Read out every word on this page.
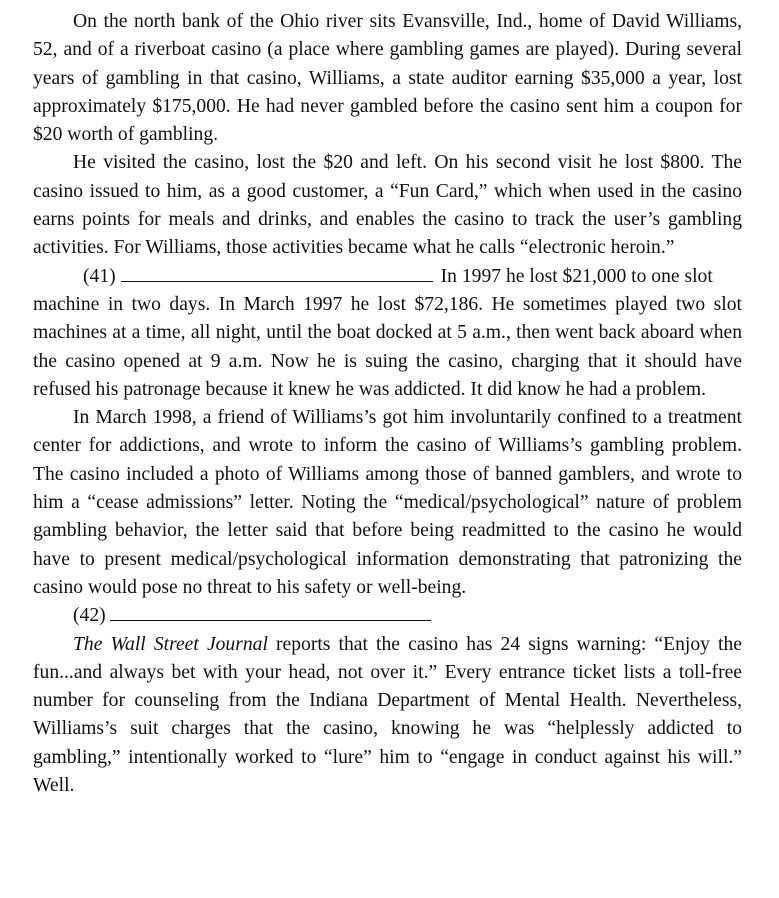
On the north bank of the Ohio river sits Evansville, Ind., home of David Williams, 52, and of a riverboat casino (a place where gambling games are played). During several years of gambling in that casino, Williams, a state auditor earning $35,000 a year, lost approximately $175,000. He had never gambled before the casino sent him a coupon for $20 worth of gambling.

He visited the casino, lost the $20 and left. On his second visit he lost $800. The casino issued to him, as a good customer, a “Fun Card,” which when used in the casino earns points for meals and drinks, and enables the casino to track the user’s gambling activities. For Williams, those activities became what he calls “electronic heroin.”

(41)	In 1997 he lost $21,000 to one slot

machine in two days. In March 1997 he lost $72,186. He sometimes played two slot machines at a time, all night, until the boat docked at 5 a.m., then went back aboard when the casino opened at 9 a.m. Now he is suing the casino, charging that it should have refused his patronage because it knew he was addicted. It did know he had a problem.

In March 1998, a friend of Williams’s got him involuntarily confined to a treatment center for addictions, and wrote to inform the casino of Williams’s gambling problem. The casino included a photo of Williams among those of banned gamblers, and wrote to him a “cease admissions” letter. Noting the “medical/psychological” nature of problem gambling behavior, the letter said that before being readmitted to the casino he would have to present medical/psychological information demonstrating that patronizing the casino would pose no threat to his safety or well-being.

(42)

The Wall Street Journal reports that the casino has 24 signs warning: “Enjoy the fun...and always bet with your head, not over it.” Every entrance ticket lists a toll-free number for counseling from the Indiana Department of Mental Health. Nevertheless, Williams’s suit charges that the casino, knowing he was “helplessly addicted to gambling,” intentionally worked to “lure” him to “engage in conduct against his will.” Well.
